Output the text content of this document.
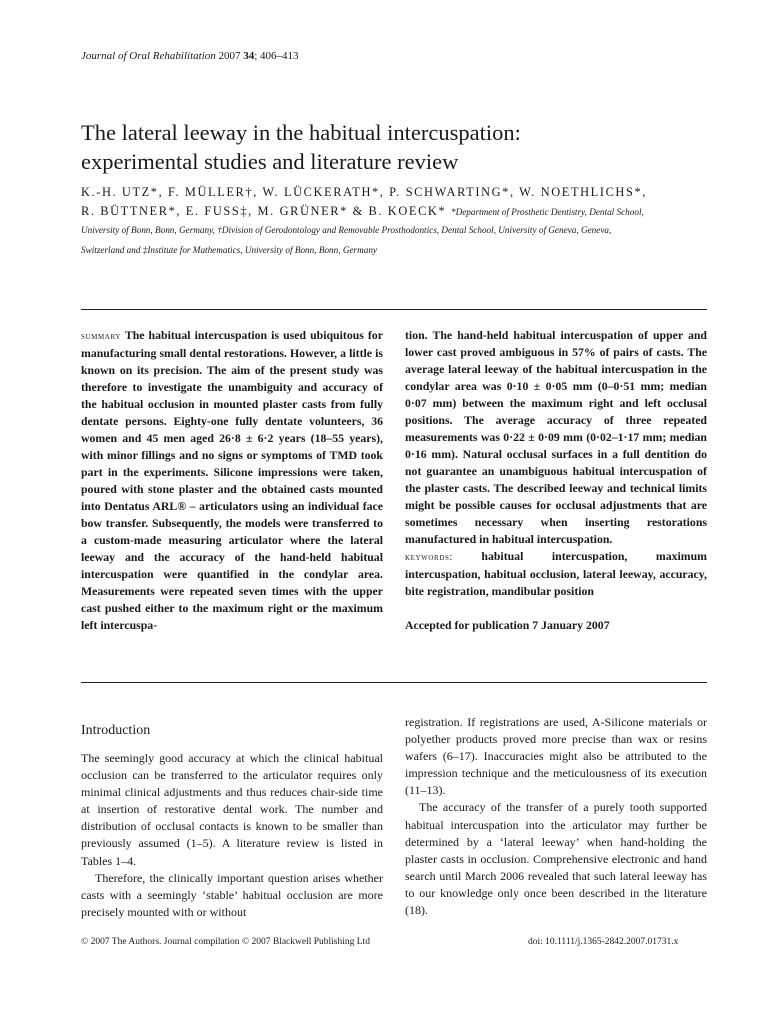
Journal of Oral Rehabilitation 2007 34; 406–413
The lateral leeway in the habitual intercuspation:
experimental studies and literature review
K.-H. UTZ*, F. MÜLLER†, W. LÜCKERATH*, P. SCHWARTING*, W. NOETHLICHS*,
R. BÜTTNER*, E. FUSS‡, M. GRÜNER* & B. KOECK* *Department of Prosthetic Dentistry, Dental School,
University of Bonn, Bonn, Germany, †Division of Gerodontology and Removable Prosthodontics, Dental School, University of Geneva, Geneva,
Switzerland and ‡Institute for Mathematics, University of Bonn, Bonn, Germany

summary The habitual intercuspation is used ubiquitous for manufacturing small dental restorations. However, a little is known on its precision. The aim of the present study was therefore to investigate the unambiguity and accuracy of the habitual occlusion in mounted plaster casts from fully dentate persons. Eighty-one fully dentate volunteers, 36 women and 45 men aged 26·8 ± 6·2 years (18–55 years), with minor fillings and no signs or symptoms of TMD took part in the experiments. Silicone impressions were taken, poured with stone plaster and the obtained casts mounted into Dentatus ARL® – articulators using an individual face bow transfer. Subsequently, the models were transferred to a custom-made measuring articulator where the lateral leeway and the accuracy of the hand-held habitual intercuspation were quantified in the condylar area. Measurements were repeated seven times with the upper cast pushed either to the maximum right or the maximum left intercuspa-

tion. The hand-held habitual intercuspation of upper and lower cast proved ambiguous in 57% of pairs of casts. The average lateral leeway of the habitual intercuspation in the condylar area was 0·10 ± 0·05 mm (0–0·51 mm; median 0·07 mm) between the maximum right and left occlusal positions. The average accuracy of three repeated measurements was 0·22 ± 0·09 mm (0·02–1·17 mm; median 0·16 mm). Natural occlusal surfaces in a full dentition do not guarantee an unambiguous habitual intercuspation of the plaster casts. The described leeway and technical limits might be possible causes for occlusal adjustments that are sometimes necessary when inserting restorations manufactured in habitual intercuspation.

keywords: habitual intercuspation, maximum intercuspation, habitual occlusion, lateral leeway, accuracy, bite registration, mandibular position

Accepted for publication 7 January 2007

Introduction

The seemingly good accuracy at which the clinical habitual occlusion can be transferred to the articulator requires only minimal clinical adjustments and thus reduces chair-side time at insertion of restorative dental work. The number and distribution of occlusal contacts is known to be smaller than previously assumed (1–5). A literature review is listed in Tables 1–4.

Therefore, the clinically important question arises whether casts with a seemingly ‘stable’ habitual occlusion are more precisely mounted with or without

registration. If registrations are used, A-Silicone materials or polyether products proved more precise than wax or resins wafers (6–17). Inaccuracies might also be attributed to the impression technique and the meticulousness of its execution (11–13).

The accuracy of the transfer of a purely tooth supported habitual intercuspation into the articulator may further be determined by a ‘lateral leeway’ when hand-holding the plaster casts in occlusion. Comprehensive electronic and hand search until March 2006 revealed that such lateral leeway has to our knowledge only once been described in the literature (18).

© 2007 The Authors. Journal compilation © 2007 Blackwell Publishing Ltd	doi: 10.1111/j.1365-2842.2007.01731.x
